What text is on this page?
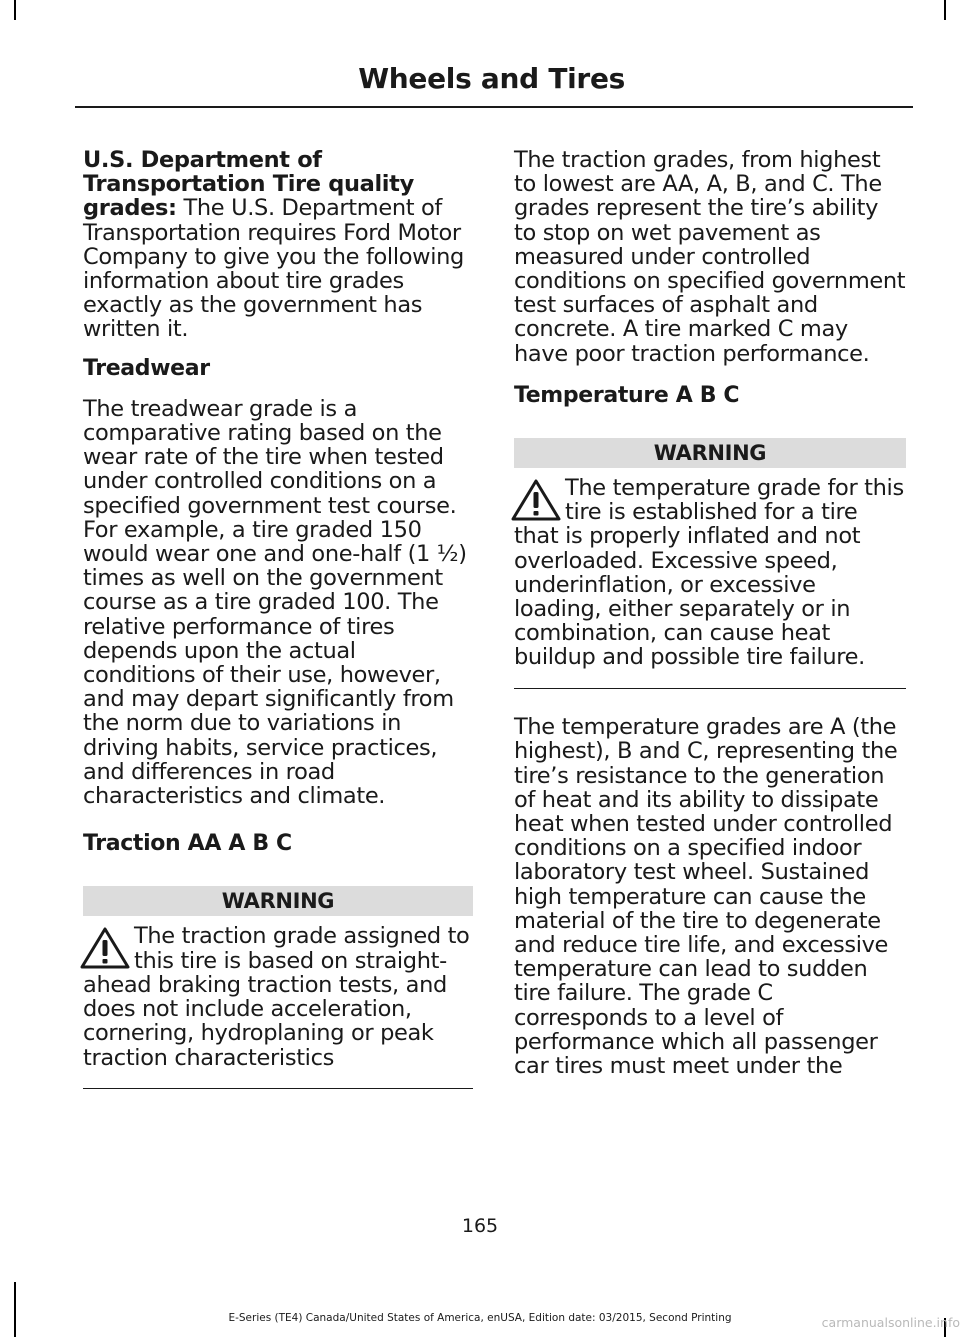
Wheels and Tires

U.S. Department of Transportation Tire quality grades: The U.S. Department of Transportation requires Ford Motor Company to give you the following information about tire grades exactly as the government has written it.

Treadwear

The treadwear grade is a comparative rating based on the wear rate of the tire when tested under controlled conditions on a specified government test course. For example, a tire graded 150 would wear one and one-half (1 ½) times as well on the government course as a tire graded 100. The relative performance of tires depends upon the actual conditions of their use, however, and may depart significantly from the norm due to variations in driving habits, service practices, and differences in road characteristics and climate.

Traction AA A B C

WARNING
The traction grade assigned to this tire is based on straight-ahead braking traction tests, and does not include acceleration, cornering, hydroplaning or peak traction characteristics

The traction grades, from highest to lowest are AA, A, B, and C. The grades represent the tire’s ability to stop on wet pavement as measured under controlled conditions on specified government test surfaces of asphalt and concrete. A tire marked C may have poor traction performance.

Temperature A B C

WARNING
The temperature grade for this tire is established for a tire that is properly inflated and not overloaded. Excessive speed, underinflation, or excessive loading, either separately or in combination, can cause heat buildup and possible tire failure.

The temperature grades are A (the highest), B and C, representing the tire’s resistance to the generation of heat and its ability to dissipate heat when tested under controlled conditions on a specified indoor laboratory test wheel. Sustained high temperature can cause the material of the tire to degenerate and reduce tire life, and excessive temperature can lead to sudden tire failure. The grade C corresponds to a level of performance which all passenger car tires must meet under the

165
E-Series (TE4) Canada/United States of America, enUSA, Edition date: 03/2015, Second Printing	carmanualsonline.info
